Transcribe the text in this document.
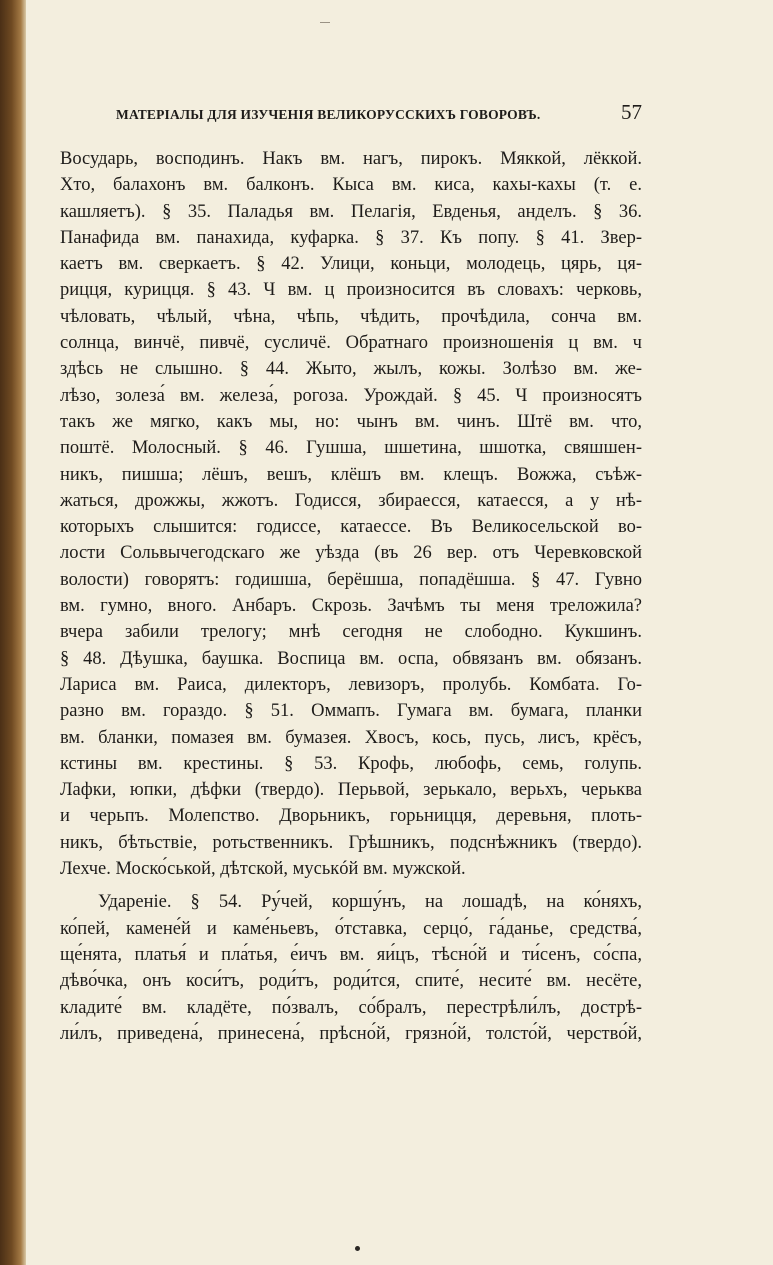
МАТЕРІАЛЫ ДЛЯ ИЗУЧЕНІЯ ВЕЛИКОРУССКИХЪ ГОВОРОВЪ.	57
Восударь, восподинъ. Накъ вм. нагъ, пирокъ. Мяккой, лёккой.
Хто, балахонъ вм. балконъ. Кыса вм. киса, кахы-кахы (т. е.
кашляетъ). § 35. Паладья вм. Пелагія, Евденья, анделъ. § 36.
Панафида вм. панахида, куфарка. § 37. Къ попу. § 41. Звер-
каетъ вм. сверкаетъ. § 42. Улици, коньци, молодець, цярь, ця-
рицця, курицця. § 43. Ч вм. ц произносится въ словахъ: черковь,
чѣловать, чѣлый, чѣна, чѣпь, чѣдить, прочѣдила, сонча вм.
солнца, винчё, пивчё, сусличё. Обратнаго произношенія ц вм. ч
здѣсь не слышно. § 44. Жыто, жылъ, кожы. Золѣзо вм. же-
лѣзо, золеза́ вм. железа́, рогоза. Урождай. § 45. Ч произносятъ
такъ же мягко, какъ мы, но: чынъ вм. чинъ. Штё вм. что,
пoштё. Молосный. § 46. Гушша, шшетина, шшотка, свяшшен-
никъ, пишша; лёшъ, вешъ, клёшъ вм. клещъ. Вожжа, съѣж-
жаться, дрожжы, жжотъ. Годисся, збираесся, катаесся, а у нѣ-
которыхъ слышится: годиссе, катаессе. Въ Великосельской во-
лости Сольвычегодскаго же уѣзда (въ 26 вер. отъ Черевковской
волости) говорятъ: годишша, берёшша, попадёшша. § 47. Гувно
вм. гумно, вного. Анбаръ. Скрозь. Зачѣмъ ты меня треложила?
вчера забили трелогу; мнѣ сегодня не слободно. Кукшинъ.
§ 48. Дѣушка, баушка. Воспица вм. оспа, обвязанъ вм. обязанъ.
Лариса вм. Раиса, дилекторъ, левизоръ, пролубь. Комбата. Го-
разно вм. гораздо. § 51. Оммапъ. Гумага вм. бумага, планки
вм. бланки, помазея вм. бумазея. Хвосъ, кось, пусь, лисъ, крёсъ,
кстины вм. крестины. § 53. Крофь, любофь, семь, голупь.
Лафки, юпки, дѣфки (твердо). Перьвой, зерькало, верьхъ, черьква
и черьпъ. Молепство. Дворьникъ, горьницця, деревьня, плоть-
никъ, бѣтьствіе, ротьственникъ. Грѣшникъ, подснѣжникъ (твердо).
Лехче. Моско́ськой, дѣтской, муськóй вм. мужской.
Удареніе. § 54. Ру́чей, коршу́нъ, на лошадѣ, на ко́няхъ,
ко́пей, камене́й и каме́ньевъ, о́тставка, серцо́, га́данье, средства́,
ще́нята, платья́ и пла́тья, е́ичъ вм. яи́цъ, тѣсно́й и ти́сенъ, со́спа,
дѣво́чка, онъ коси́тъ, роди́тъ, роди́тся, спите́, несите́ вм. несёте,
кладите́ вм. кладёте, по́звалъ, со́бралъ, перестрѣли́лъ, дострѣ-
ли́лъ, приведена́, принесена́, прѣсно́й, грязно́й, толсто́й, черство́й,
